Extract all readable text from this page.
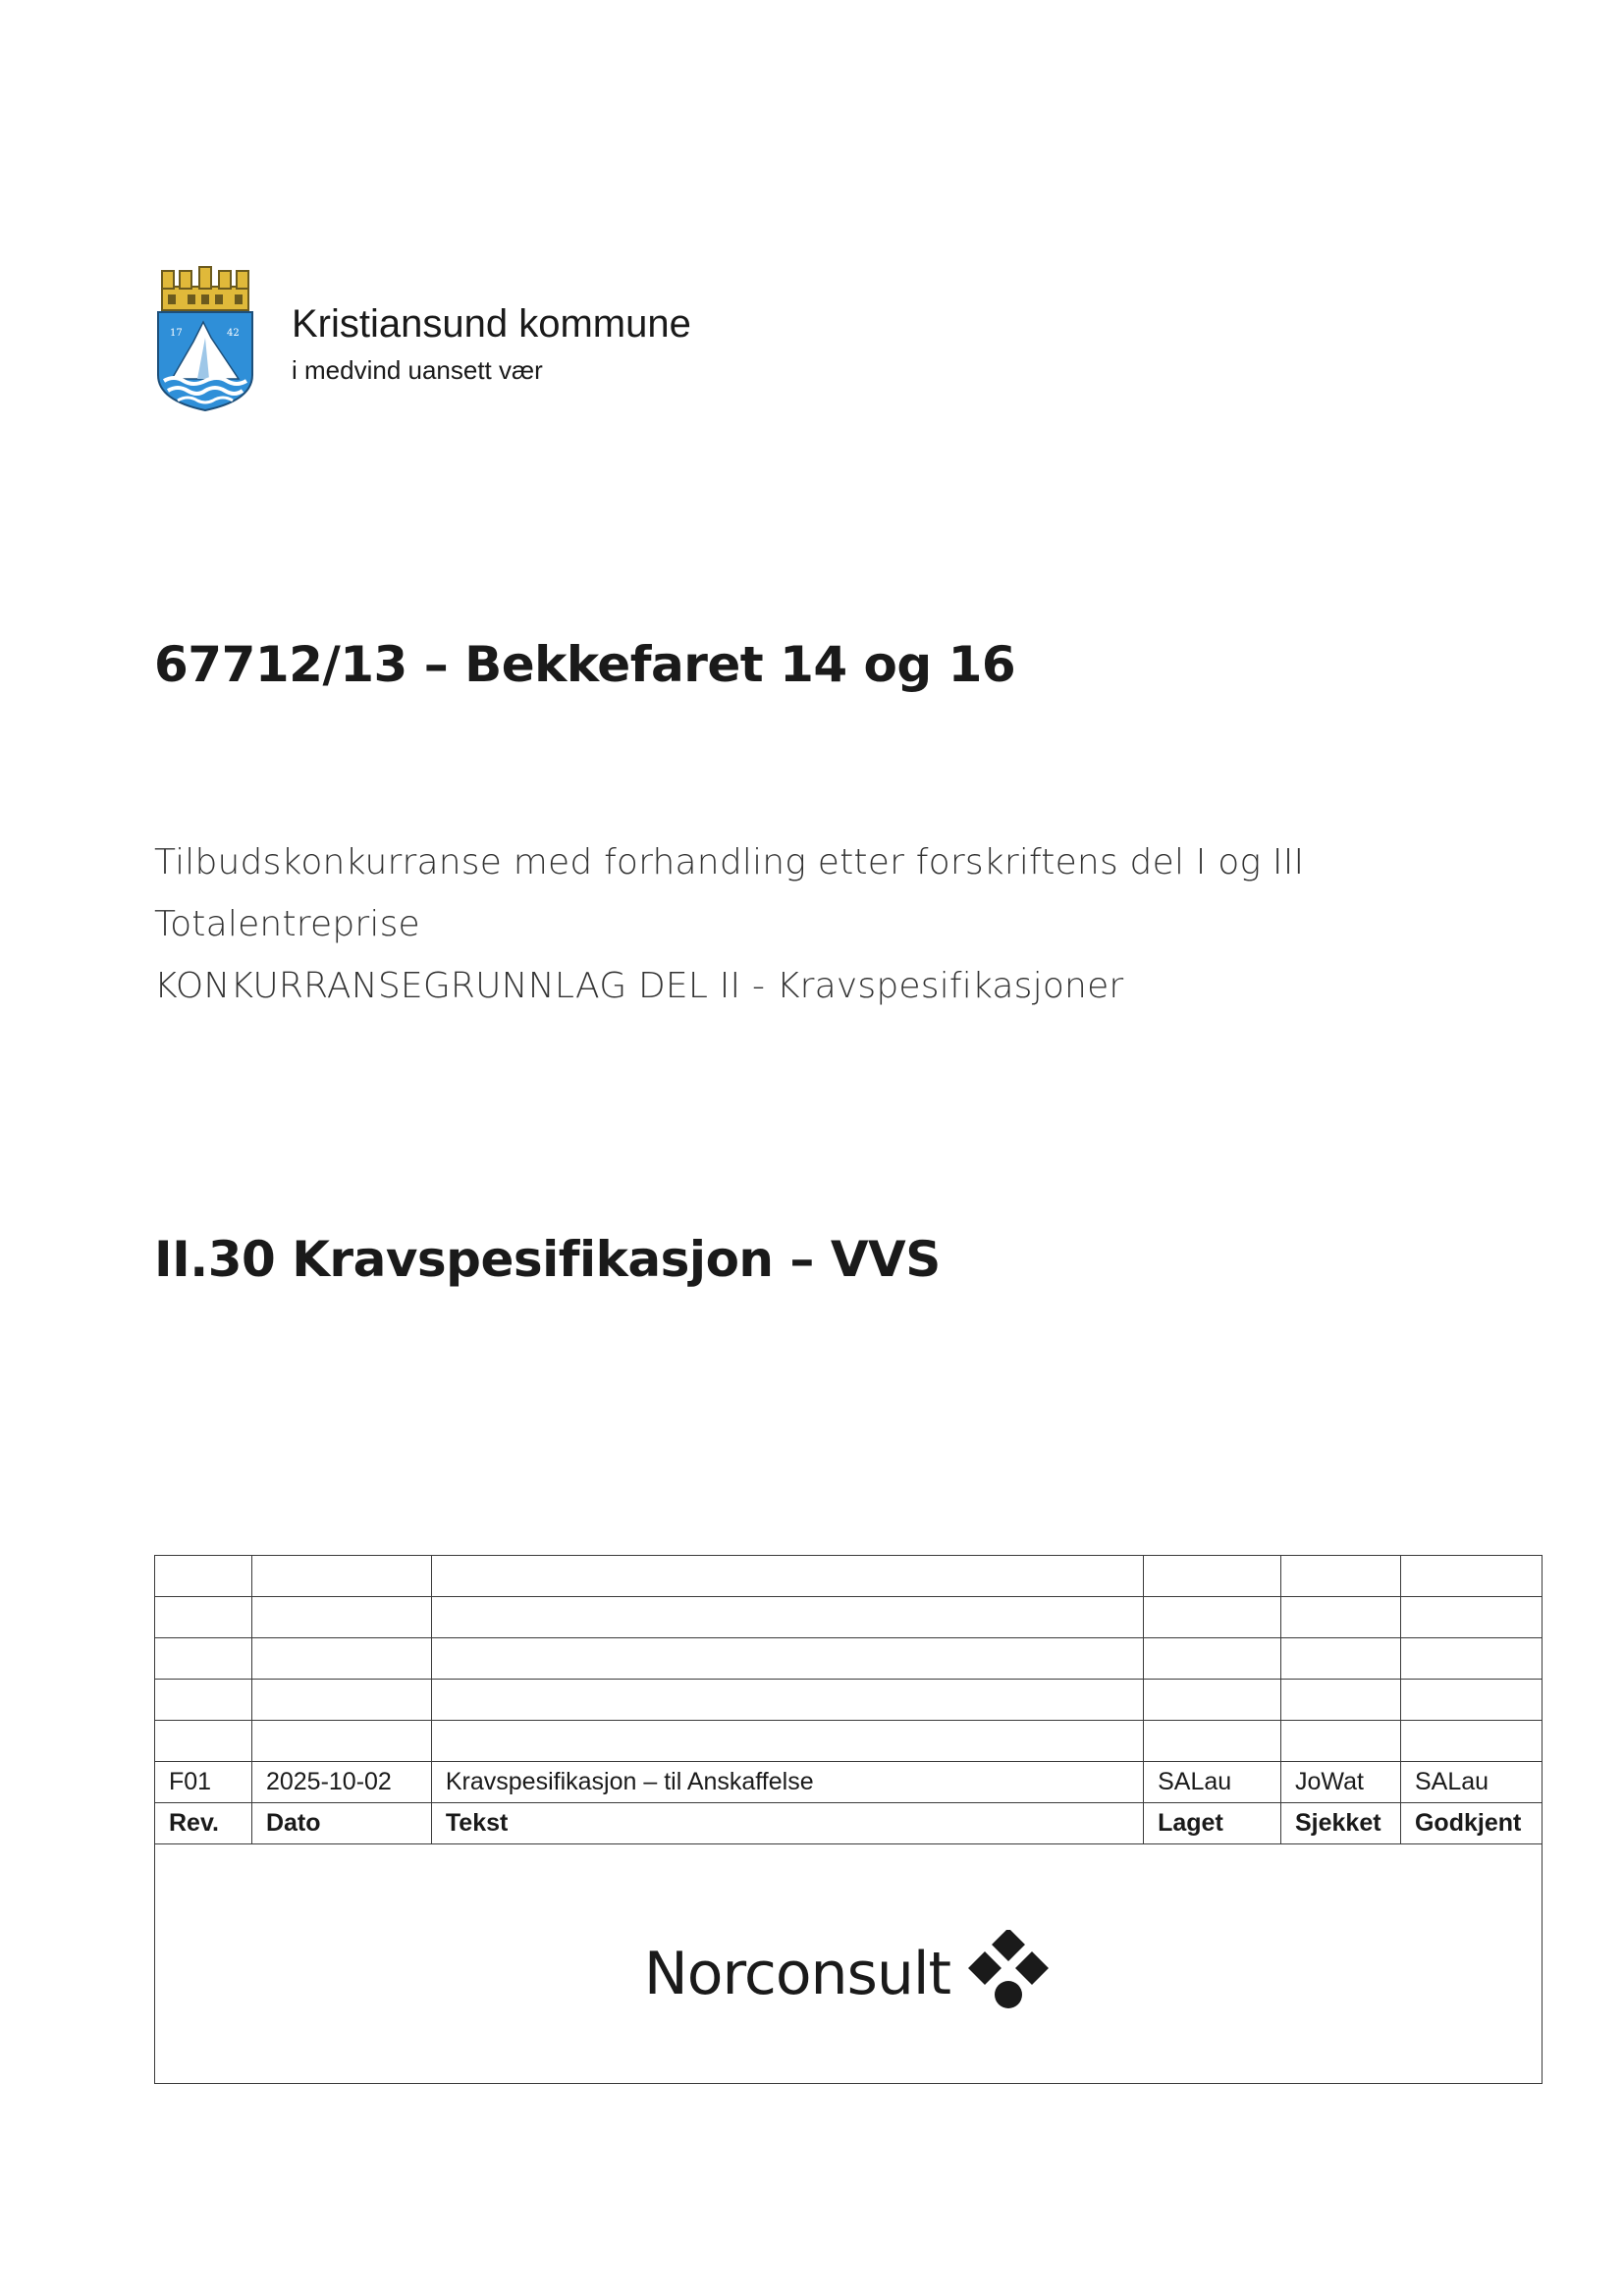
17	42 Kristiansund kommune
i medvind uansett vær
67712/13 – Bekkefaret 14 og 16
Tilbudskonkurranse med forhandling etter forskriftens del I og III
Totalentreprise
KONKURRANSEGRUNNLAG DEL II - Kravspesifikasjoner
II.30 Kravspesifikasjon – VVS

F01	2025-10-02	Kravspesifikasjon – til Anskaffelse	SALau	JoWat	SALau
Rev.	Dato	Tekst	Laget	Sjekket	Godkjent

Norconsult					
